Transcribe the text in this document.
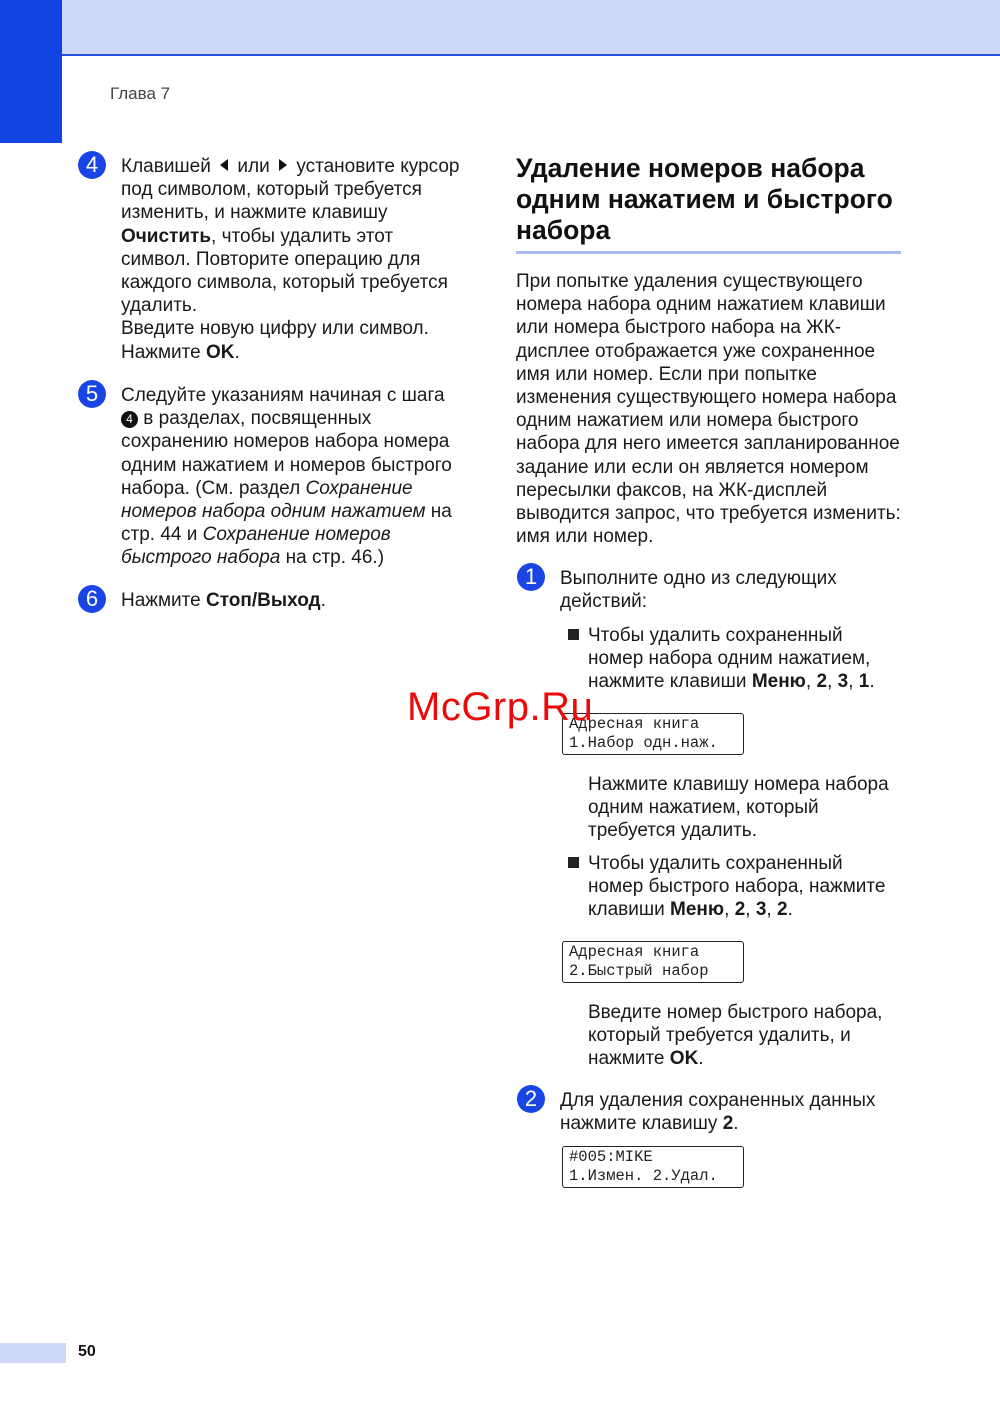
Глава 7
4	Клавишей или установите курсор под символом, который требуется изменить, и нажмите клавишу Очистить, чтобы удалить этот символ. Повторите операцию для каждого символа, который требуется удалить.
Введите новую цифру или символ.
Нажмите OK.
5	Следуйте указаниям начиная с шага 4 в разделах, посвященных сохранению номеров набора номера одним нажатием и номеров быстрого набора. (См. раздел Сохранение номеров набора одним нажатием на стр. 44 и Сохранение номеров быстрого набора на стр. 46.)
6	Нажмите Стоп/Выход.
Удаление номеров набора одним нажатием и быстрого набора
При попытке удаления существующего номера набора одним нажатием клавиши или номера быстрого набора на ЖК-дисплее отображается уже сохраненное имя или номер. Если при попытке изменения существующего номера набора одним нажатием или номера быстрого набора для него имеется запланированное задание или если он является номером пересылки факсов, на ЖК-дисплей выводится запрос, что требуется изменить: имя или номер.
1	Выполните одно из следующих действий:
Чтобы удалить сохраненный номер набора одним нажатием, нажмите клавиши Меню, 2, 3, 1.
Адресная книга
1.Набор одн.наж.
Нажмите клавишу номера набора одним нажатием, который требуется удалить.
Чтобы удалить сохраненный номер быстрого набора, нажмите клавиши Меню, 2, 3, 2.
Адресная книга
2.Быстрый набор
Введите номер быстрого набора, который требуется удалить, и нажмите OK.
2	Для удаления сохраненных данных нажмите клавишу 2.
#005:MIKE
1.Измен. 2.Удал.
McGrp.Ru
50
